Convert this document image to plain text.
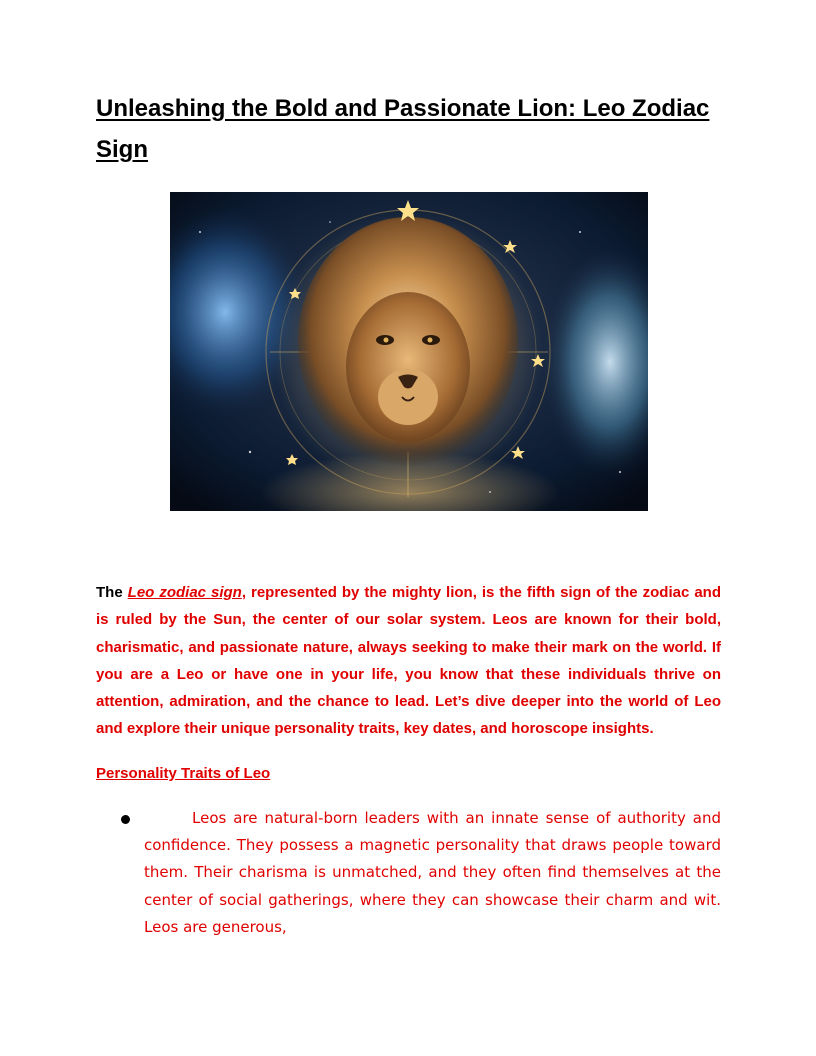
Unleashing the Bold and Passionate Lion: Leo Zodiac Sign

The Leo zodiac sign, represented by the mighty lion, is the fifth sign of the zodiac and is ruled by the Sun, the center of our solar system. Leos are known for their bold, charismatic, and passionate nature, always seeking to make their mark on the world. If you are a Leo or have one in your life, you know that these individuals thrive on attention, admiration, and the chance to lead. Let’s dive deeper into the world of Leo and explore their unique personality traits, key dates, and horoscope insights.

Personality Traits of Leo
Leos are natural-born leaders with an innate sense of authority and confidence. They possess a magnetic personality that draws people toward them. Their charisma is unmatched, and they often find themselves at the center of social gatherings, where they can showcase their charm and wit. Leos are generous,
